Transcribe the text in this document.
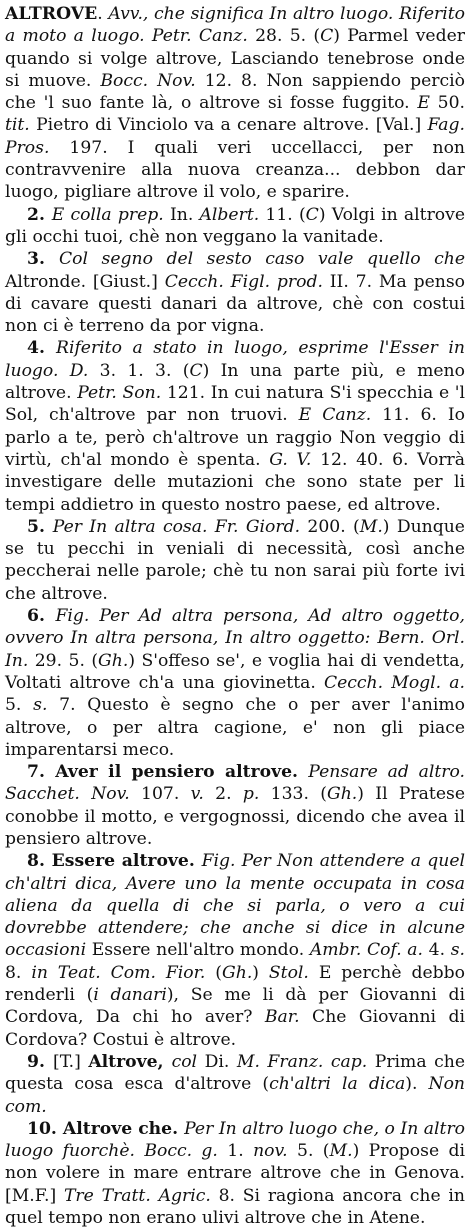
ALTROVE. Avv., che significa In altro luogo. Riferito a moto a luogo. Petr. Canz. 28. 5. (C) Parmel veder quando si volge altrove, Lasciando tenebrose onde si muove. Bocc. Nov. 12. 8. Non sappiendo perciò che 'l suo fante là, o altrove si fosse fuggito. E 50. tit. Pietro di Vinciolo va a cenare altrove. [Val.] Fag. Pros. 197. I quali veri uccellacci, per non contravvenire alla nuova creanza... debbon dar luogo, pigliare altrove il volo, e sparire.

2. E colla prep. In. Albert. 11. (C) Volgi in altrove gli occhi tuoi, chè non veggano la vanitade.

3. Col segno del sesto caso vale quello che Altronde. [Giust.] Cecch. Figl. prod. II. 7. Ma penso di cavare questi danari da altrove, chè con costui non ci è terreno da por vigna.

4. Riferito a stato in luogo, esprime l'Esser in luogo. D. 3. 1. 3. (C) In una parte più, e meno altrove. Petr. Son. 121. In cui natura S'i specchia e 'l Sol, ch'altrove par non truovi. E Canz. 11. 6. Io parlo a te, però ch'altrove un raggio Non veggio di virtù, ch'al mondo è spenta. G. V. 12. 40. 6. Vorrà investigare delle mutazioni che sono state per li tempi addietro in questo nostro paese, ed altrove.

5. Per In altra cosa. Fr. Giord. 200. (M.) Dunque se tu pecchi in veniali di necessità, così anche peccherai nelle parole; chè tu non sarai più forte ivi che altrove.

6. Fig. Per Ad altra persona, Ad altro oggetto, ovvero In altra persona, In altro oggetto: Bern. Orl. In. 29. 5. (Gh.) S'offeso se', e voglia hai di vendetta, Voltati altrove ch'a una giovinetta. Cecch. Mogl. a. 5. s. 7. Questo è segno che o per aver l'animo altrove, o per altra cagione, e' non gli piace imparentarsi meco.

7. Aver il pensiero altrove. Pensare ad altro. Sacchet. Nov. 107. v. 2. p. 133. (Gh.) Il Pratese conobbe il motto, e vergognossi, dicendo che avea il pensiero altrove.

8. Essere altrove. Fig. Per Non attendere a quel ch'altri dica, Avere uno la mente occupata in cosa aliena da quella di che si parla, o vero a cui dovrebbe attendere; che anche si dice in alcune occasioni Essere nell'altro mondo. Ambr. Cof. a. 4. s. 8. in Teat. Com. Fior. (Gh.) Stol. E perchè debbo renderli (i danari), Se me li dà per Giovanni di Cordova, Da chi ho aver? Bar. Che Giovanni di Cordova? Costui è altrove.

9. [T.] Altrove, col Di. M. Franz. cap. Prima che questa cosa esca d'altrove (ch'altri la dica). Non com.

10. Altrove che. Per In altro luogo che, o In altro luogo fuorchè. Bocc. g. 1. nov. 5. (M.) Propose di non volere in mare entrare altrove che in Genova. [M.F.] Tre Tratt. Agric. 8. Si ragiona ancora che in quel tempo non erano ulivi altrove che in Atene.
